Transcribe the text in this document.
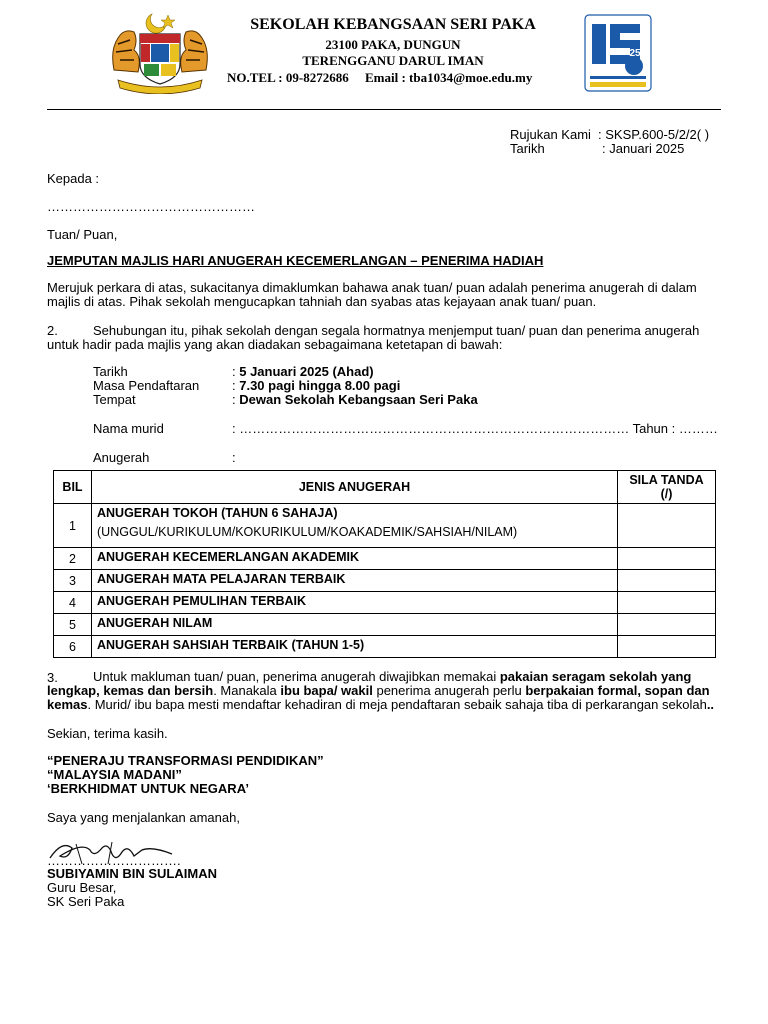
SEKOLAH KEBANGSAAN SERI PAKA
23100 PAKA, DUNGUN
TERENGGANU DARUL IMAN
NO.TEL : 09-8272686 Email : tba1034@moe.edu.my
25
Rujukan Kami : SKSP.600-5/2/2( )
Tarikh	: Januari 2025
Kepada :
…………………………………………
Tuan/ Puan,
JEMPUTAN MAJLIS HARI ANUGERAH KECEMERLANGAN – PENERIMA HADIAH

Merujuk perkara di atas, sukacitanya dimaklumkan bahawa anak tuan/ puan adalah penerima anugerah di dalam majlis di atas. Pihak sekolah mengucapkan tahniah dan syabas atas kejayaan anak tuan/ puan.

2.	Sehubungan itu, pihak sekolah dengan segala hormatnya menjemput tuan/ puan dan penerima anugerah
untuk hadir pada majlis yang akan diadakan sebagaimana ketetapan di bawah:
Tarikh	: 5 Januari 2025 (Ahad)
Masa Pendaftaran	: 7.30 pagi hingga 8.00 pagi
Tempat	: Dewan Sekolah Kebangsaan Seri Paka
Nama murid	: ……………………………………………………………………………… Tahun : ………
Anugerah	:
BIL	JENIS ANUGERAH	SILA TANDA
(/)
1	ANUGERAH TOKOH (TAHUN 6 SAHAJA)
(UNGGUL/KURIKULUM/KOKURIKULUM/KOAKADEMIK/SAHSIAH/NILAM)	
2	ANUGERAH KECEMERLANGAN AKADEMIK	
3	ANUGERAH MATA PELAJARAN TERBAIK	
4	ANUGERAH PEMULIHAN TERBAIK	
5	ANUGERAH NILAM	
6	ANUGERAH SAHSIAH TERBAIK (TAHUN 1-5)	
3.	Untuk makluman tuan/ puan, penerima anugerah diwajibkan memakai pakaian seragam sekolah yang lengkap, kemas dan bersih. Manakala ibu bapa/ wakil penerima anugerah perlu berpakaian formal, sopan dan kemas. Murid/ ibu bapa mesti mendaftar kehadiran di meja pendaftaran sebaik sahaja tiba di perkarangan sekolah..

Sekian, terima kasih.
“PENERAJU TRANSFORMASI PENDIDIKAN”
“MALAYSIA MADANI”
‘BERKHIDMAT UNTUK NEGARA’
Saya yang menjalankan amanah,
………………………….
SUBIYAMIN BIN SULAIMAN
Guru Besar,
SK Seri Paka
